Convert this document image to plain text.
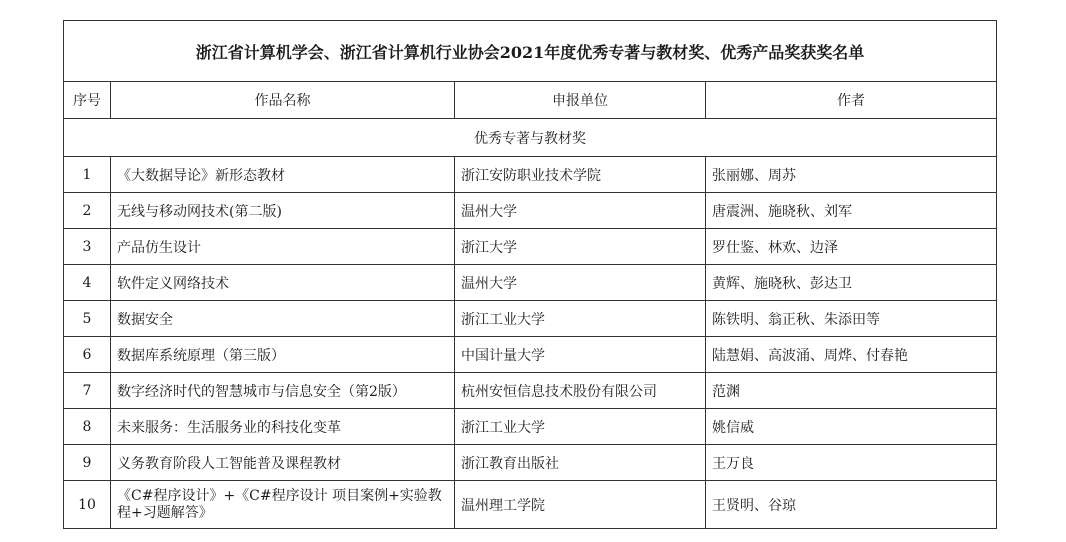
浙江省计算机学会、浙江省计算机行业协会2021年度优秀专著与教材奖、优秀产品奖获奖名单			
序号	作品名称	申报单位	作者
优秀专著与教材奖			
1	《大数据导论》新形态教材	浙江安防职业技术学院	张丽娜、周苏
2	无线与移动网技术(第二版)	温州大学	唐震洲、施晓秋、刘军
3	产品仿生设计	浙江大学	罗仕鉴、林欢、边泽
4	软件定义网络技术	温州大学	黄辉、施晓秋、彭达卫
5	数据安全	浙江工业大学	陈铁明、翁正秋、朱添田等
6	数据库系统原理（第三版）	中国计量大学	陆慧娟、高波涌、周烨、付春艳
7	数字经济时代的智慧城市与信息安全（第2版）	杭州安恒信息技术股份有限公司	范渊
8	未来服务：生活服务业的科技化变革	浙江工业大学	姚信威
9	义务教育阶段人工智能普及课程教材	浙江教育出版社	王万良
10	《C#程序设计》+《C#程序设计 项目案例+实验教程+习题解答》	温州理工学院	王贤明、谷琼
